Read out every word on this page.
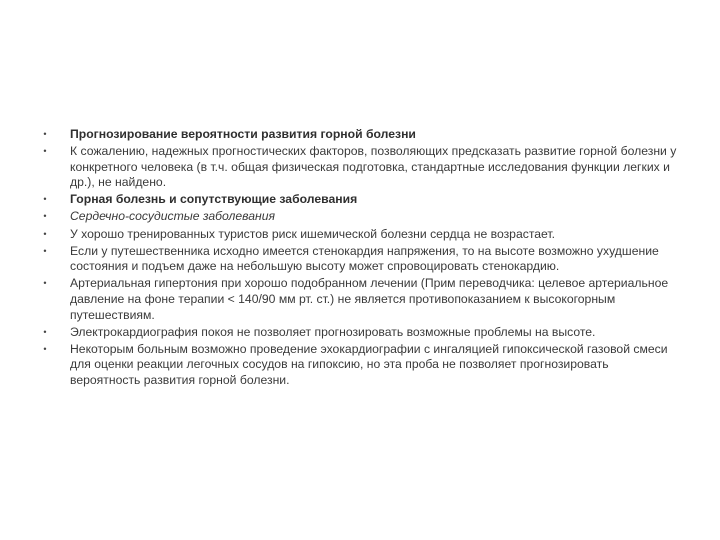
• Прогнозирование вероятности развития горной болезни
• К сожалению, надежных прогностических факторов, позволяющих предсказать развитие горной болезни у конкретного человека (в т.ч. общая физическая подготовка, стандартные исследования функции легких и др.), не найдено.
• Горная болезнь и сопутствующие заболевания
• Сердечно-сосудистые заболевания
• У хорошо тренированных туристов риск ишемической болезни сердца не возрастает.
• Если у путешественника исходно имеется стенокардия напряжения, то на высоте возможно ухудшение состояния и подъем даже на небольшую высоту может спровоцировать стенокардию.
• Артериальная гипертония при хорошо подобранном лечении (Прим переводчика: целевое артериальное давление на фоне терапии < 140/90 мм рт. ст.) не является противопоказанием к высокогорным путешествиям.
• Электрокардиография покоя не позволяет прогнозировать возможные проблемы на высоте.
• Некоторым больным возможно проведение эхокардиографии с ингаляцией гипоксической газовой смеси для оценки реакции легочных сосудов на гипоксию, но эта проба не позволяет прогнозировать вероятность развития горной болезни.
